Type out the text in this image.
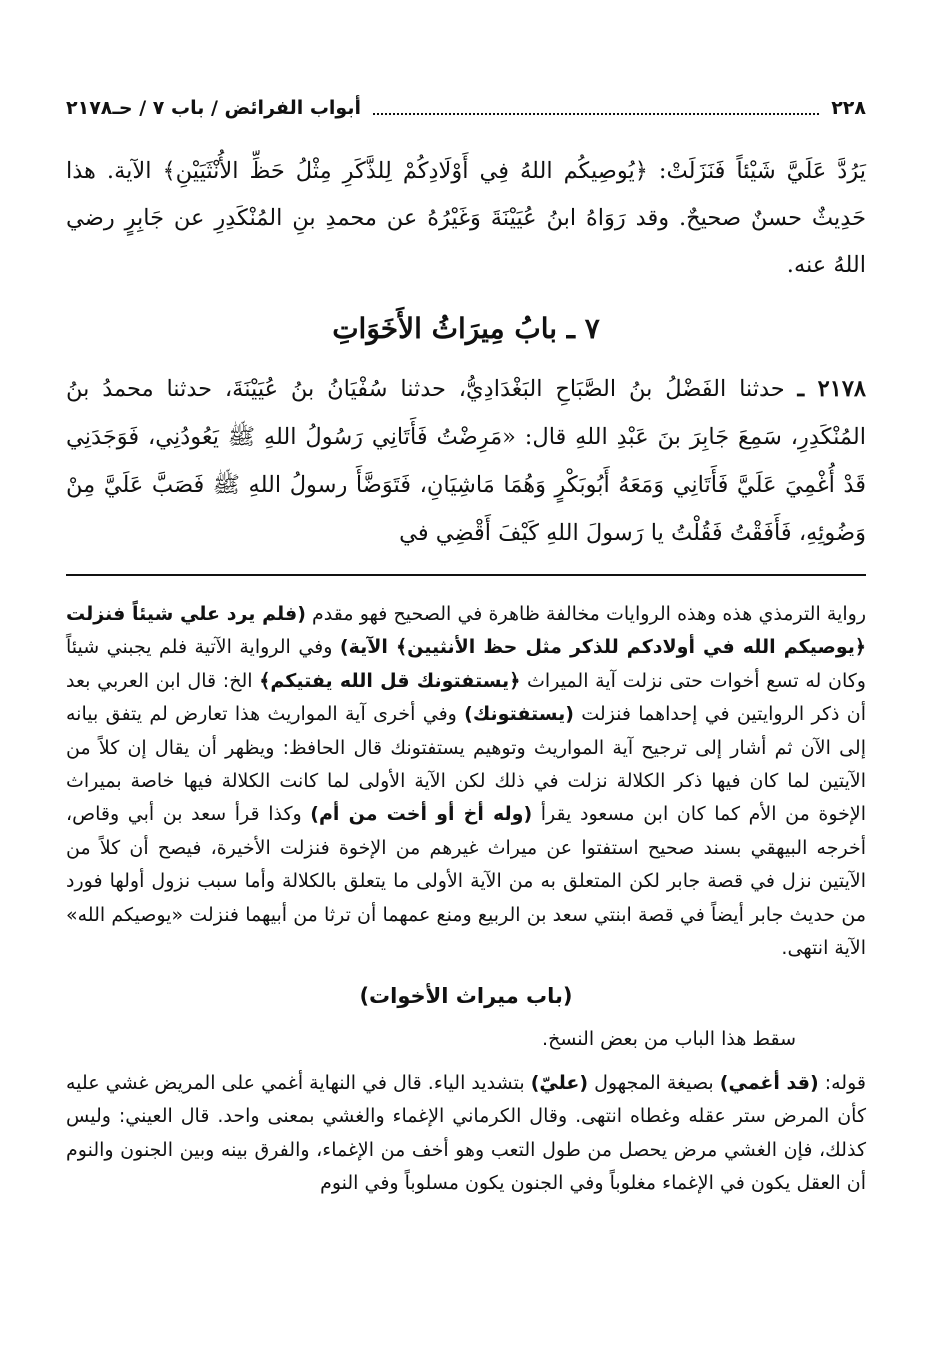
٢٢٨
أبواب الفرائض / باب ٧ / حـ٢١٧٨

يَرُدَّ عَلَيَّ شَيْئاً فَنَزَلَتْ: ﴿يُوصِيكُم اللهُ فِي أَوْلَادِكُمْ لِلذَّكَرِ مِثْلُ حَظِّ الأُنْثَيَيْنِ﴾ الآية. هذا حَدِيثٌ حسنٌ صحيحٌ. وقد رَوَاهُ ابنُ عُيَيْنَةَ وَغَيْرُهُ عن محمدِ بنِ المُنْكَدِرِ عن جَابِرٍ رضي اللهُ عنه.

٧ ـ بابُ مِيرَاثُ الأَخَوَاتِ

٢١٧٨ ـ حدثنا الفَضْلُ بنُ الصَّبَاحِ البَغْدَادِيُّ، حدثنا سُفْيَانُ بنُ عُيَيْنَةَ، حدثنا محمدُ بنُ المُنْكَدِرِ، سَمِعَ جَابِرَ بنَ عَبْدِ اللهِ قال: «مَرِضْتُ فَأَتَانِي رَسُولُ اللهِ ﷺ يَعُودُنِي، فَوَجَدَنِي قَدْ أُغْمِيَ عَلَيَّ فَأَتَانِي وَمَعَهُ أَبُوبَكْرٍ وَهُمَا مَاشِيَانِ، فَتَوَضَّأَ رسولُ اللهِ ﷺ فَصَبَّ عَلَيَّ مِنْ وَضُوئِهِ، فَأَفَقْتُ فَقُلْتُ يا رَسولَ اللهِ كَيْفَ أَقْضِي في

رواية الترمذي هذه وهذه الروايات مخالفة ظاهرة في الصحيح فهو مقدم (فلم يرد علي شيئاً فنزلت ﴿يوصيكم الله في أولادكم للذكر مثل حظ الأنثيين﴾ الآية) وفي الرواية الآتية فلم يجبني شيئاً وكان له تسع أخوات حتى نزلت آية الميراث ﴿يستفتونك قل الله يفتيكم﴾ الخ: قال ابن العربي بعد أن ذكر الروايتين في إحداهما فنزلت (يستفتونك) وفي أخرى آية المواريث هذا تعارض لم يتفق بيانه إلى الآن ثم أشار إلى ترجيح آية المواريث وتوهيم يستفتونك قال الحافظ: ويظهر أن يقال إن كلاً من الآيتين لما كان فيها ذكر الكلالة نزلت في ذلك لكن الآية الأولى لما كانت الكلالة فيها خاصة بميراث الإخوة من الأم كما كان ابن مسعود يقرأ (وله أخ أو أخت من أم) وكذا قرأ سعد بن أبي وقاص، أخرجه البيهقي بسند صحيح استفتوا عن ميراث غيرهم من الإخوة فنزلت الأخيرة، فيصح أن كلاً من الآيتين نزل في قصة جابر لكن المتعلق به من الآية الأولى ما يتعلق بالكلالة وأما سبب نزول أولها فورد من حديث جابر أيضاً في قصة ابنتي سعد بن الربيع ومنع عمهما أن ترثا من أبيهما فنزلت «يوصيكم الله» الآية انتهى.

(باب ميراث الأخوات)

سقط هذا الباب من بعض النسخ.

قوله: (قد أغمي) بصيغة المجهول (عليّ) بتشديد الياء. قال في النهاية أغمي على المريض غشي عليه كأن المرض ستر عقله وغطاه انتهى. وقال الكرماني الإغماء والغشي بمعنى واحد. قال العيني: وليس كذلك، فإن الغشي مرض يحصل من طول التعب وهو أخف من الإغماء، والفرق بينه وبين الجنون والنوم أن العقل يكون في الإغماء مغلوباً وفي الجنون يكون مسلوباً وفي النوم
